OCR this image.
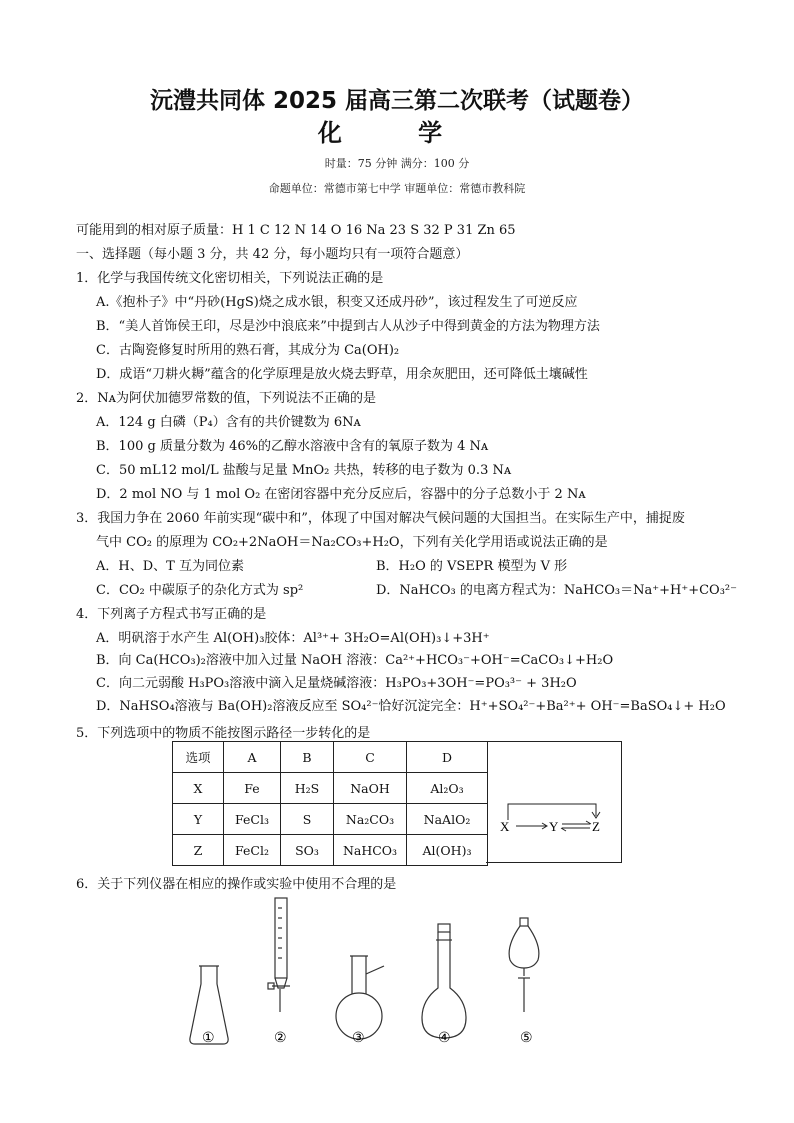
沅澧共同体 2025 届高三第二次联考（试题卷）
化 学
时量：75 分钟 满分：100 分
命题单位：常德市第七中学 审题单位：常德市教科院
可能用到的相对原子质量：H 1 C 12 N 14 O 16 Na 23 S 32 P 31 Zn 65
一、选择题（每小题 3 分，共 42 分，每小题均只有一项符合题意）
1．化学与我国传统文化密切相关，下列说法正确的是
A.《抱朴子》中“丹砂(HgS)烧之成水银，积变又还成丹砂”，该过程发生了可逆反应
B．“美人首饰侯王印，尽是沙中浪底来”中提到古人从沙子中得到黄金的方法为物理方法
C．古陶瓷修复时所用的熟石膏，其成分为 Ca(OH)₂
D．成语“刀耕火耨”蕴含的化学原理是放火烧去野草，用余灰肥田，还可降低土壤碱性
2．Nᴀ为阿伏加德罗常数的值，下列说法不正确的是
A．124 g 白磷（P₄）含有的共价键数为 6Nᴀ
B．100 g 质量分数为 46%的乙醇水溶液中含有的氧原子数为 4 Nᴀ
C．50 mL12 mol/L 盐酸与足量 MnO₂ 共热，转移的电子数为 0.3 Nᴀ
D．2 mol NO 与 1 mol O₂ 在密闭容器中充分反应后，容器中的分子总数小于 2 Nᴀ
3．我国力争在 2060 年前实现“碳中和”，体现了中国对解决气候问题的大国担当。在实际生产中，捕捉废
气中 CO₂ 的原理为 CO₂+2NaOH＝Na₂CO₃+H₂O，下列有关化学用语或说法正确的是
A．H、D、T 互为同位素	B．H₂O 的 VSEPR 模型为 V 形
C．CO₂ 中碳原子的杂化方式为 sp²	D．NaHCO₃ 的电离方程式为：NaHCO₃＝Na⁺+H⁺+CO₃²⁻
4．下列离子方程式书写正确的是
A．明矾溶于水产生 Al(OH)₃胶体：Al³⁺+ 3H₂O=Al(OH)₃↓+3H⁺
B．向 Ca(HCO₃)₂溶液中加入过量 NaOH 溶液：Ca²⁺+HCO₃⁻+OH⁻=CaCO₃↓+H₂O
C．向二元弱酸 H₃PO₃溶液中滴入足量烧碱溶液：H₃PO₃+3OH⁻=PO₃³⁻ + 3H₂O
D．NaHSO₄溶液与 Ba(OH)₂溶液反应至 SO₄²⁻恰好沉淀完全：H⁺+SO₄²⁻+Ba²⁺+ OH⁻=BaSO₄↓+ H₂O
5．下列选项中的物质不能按图示路径一步转化的是
选项	A	B	C	D
X	Fe	H₂S	NaOH	Al₂O₃
Y	FeCl₃	S	Na₂CO₃	NaAlO₂
Z	FeCl₂	SO₃	NaHCO₃	Al(OH)₃
X	Y	Z
6．关于下列仪器在相应的操作或实验中使用不合理的是
①	②	③	④	⑤
